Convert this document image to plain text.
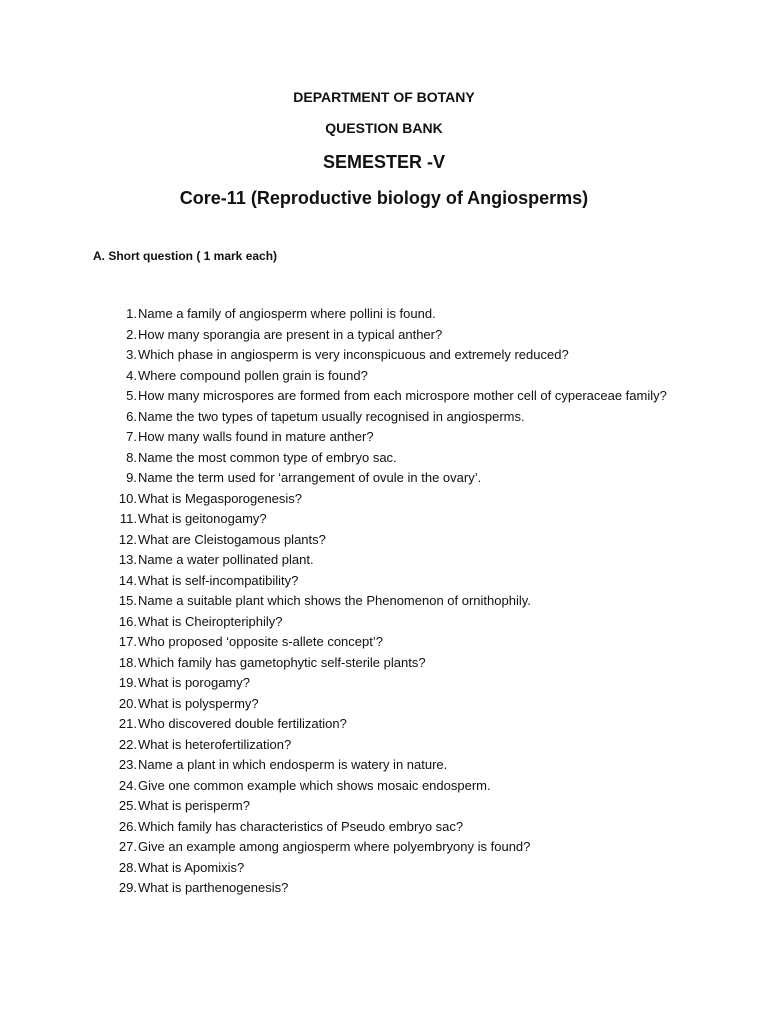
DEPARTMENT OF BOTANY
QUESTION BANK
SEMESTER -V
Core-11 (Reproductive biology of Angiosperms)
A. Short question ( 1 mark each)
1. Name a family of angiosperm where pollini is found.
2. How many sporangia are present in a typical anther?
3. Which phase in angiosperm is very inconspicuous and extremely reduced?
4. Where compound pollen grain is found?
5. How many microspores are formed from each microspore mother cell of cyperaceae family?
6. Name the two types of tapetum usually recognised in angiosperms.
7. How many walls found in mature anther?
8. Name the most common type of embryo sac.
9. Name the term used for ‘arrangement of ovule in the ovary’.
10. What is Megasporogenesis?
11. What is geitonogamy?
12. What are Cleistogamous plants?
13. Name a water pollinated plant.
14. What is self-incompatibility?
15. Name a suitable plant which shows the Phenomenon of ornithophily.
16. What is Cheiropteriphily?
17. Who proposed ‘opposite s-allete concept’?
18. Which family has gametophytic self-sterile plants?
19. What is porogamy?
20. What is polyspermy?
21. Who discovered double fertilization?
22. What is heterofertilization?
23. Name a plant in which endosperm is watery in nature.
24. Give one common example which shows mosaic endosperm.
25. What is perisperm?
26. Which family has characteristics of Pseudo embryo sac?
27. Give an example among angiosperm where polyembryony is found?
28. What is Apomixis?
29. What is parthenogenesis?
